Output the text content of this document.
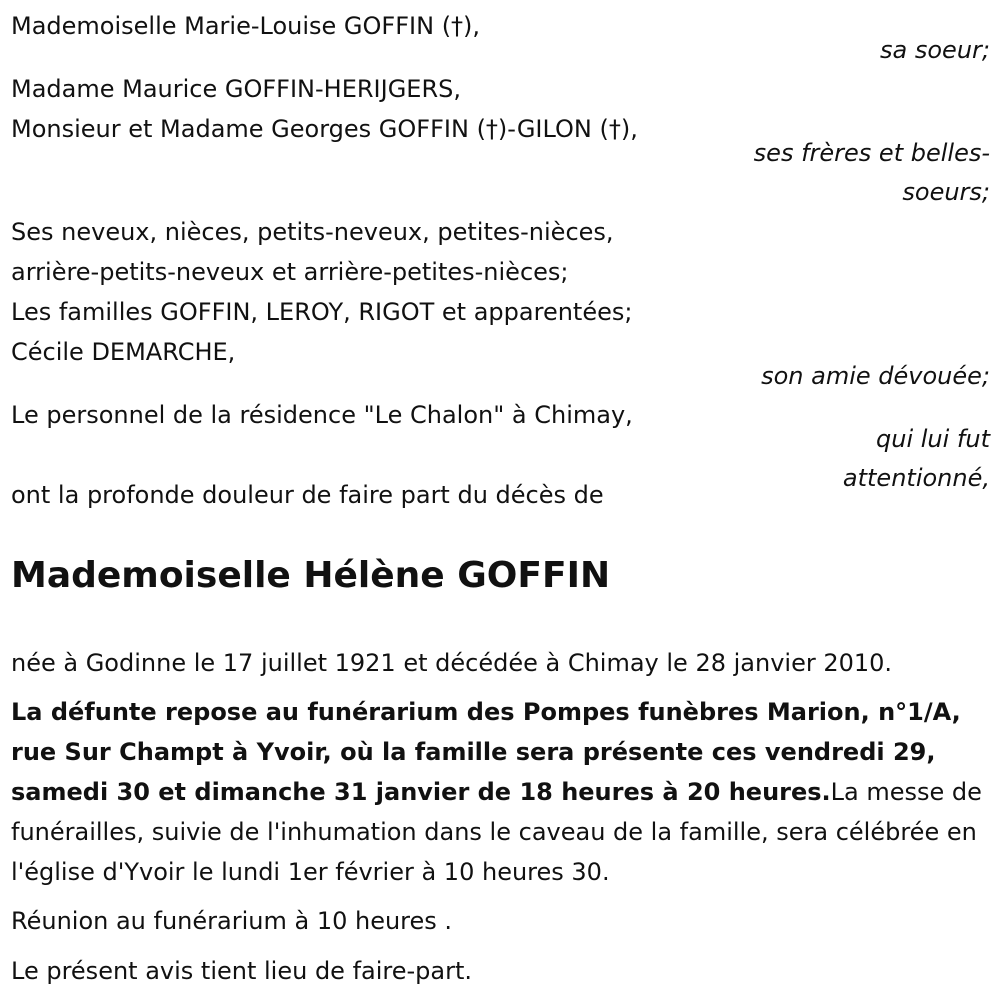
Mademoiselle Marie-Louise GOFFIN (†),

sa soeur;

Madame Maurice GOFFIN-HERIJGERS,

Monsieur et Madame Georges GOFFIN (†)-GILON (†),

ses frères et belles-

soeurs;

Ses neveux, nièces, petits-neveux, petites-nièces,

arrière-petits-neveux et arrière-petites-nièces;

Les familles GOFFIN, LEROY, RIGOT et apparentées;

Cécile DEMARCHE,

son amie dévouée;

Le personnel de la résidence "Le Chalon" à Chimay,

qui lui fut

attentionné,

ont la profonde douleur de faire part du décès de

Mademoiselle Hélène GOFFIN

née à Godinne le 17 juillet 1921 et décédée à Chimay le 28 janvier 2010.

La défunte repose au funérarium des Pompes funèbres Marion, n°1/A, rue Sur Champt à Yvoir, où la famille sera présente ces vendredi 29, samedi 30 et dimanche 31 janvier de 18 heures à 20 heures.La messe de funérailles, suivie de l'inhumation dans le caveau de la famille, sera célébrée en l'église d'Yvoir le lundi 1er février à 10 heures 30.

Réunion au funérarium à 10 heures .

Le présent avis tient lieu de faire-part.
